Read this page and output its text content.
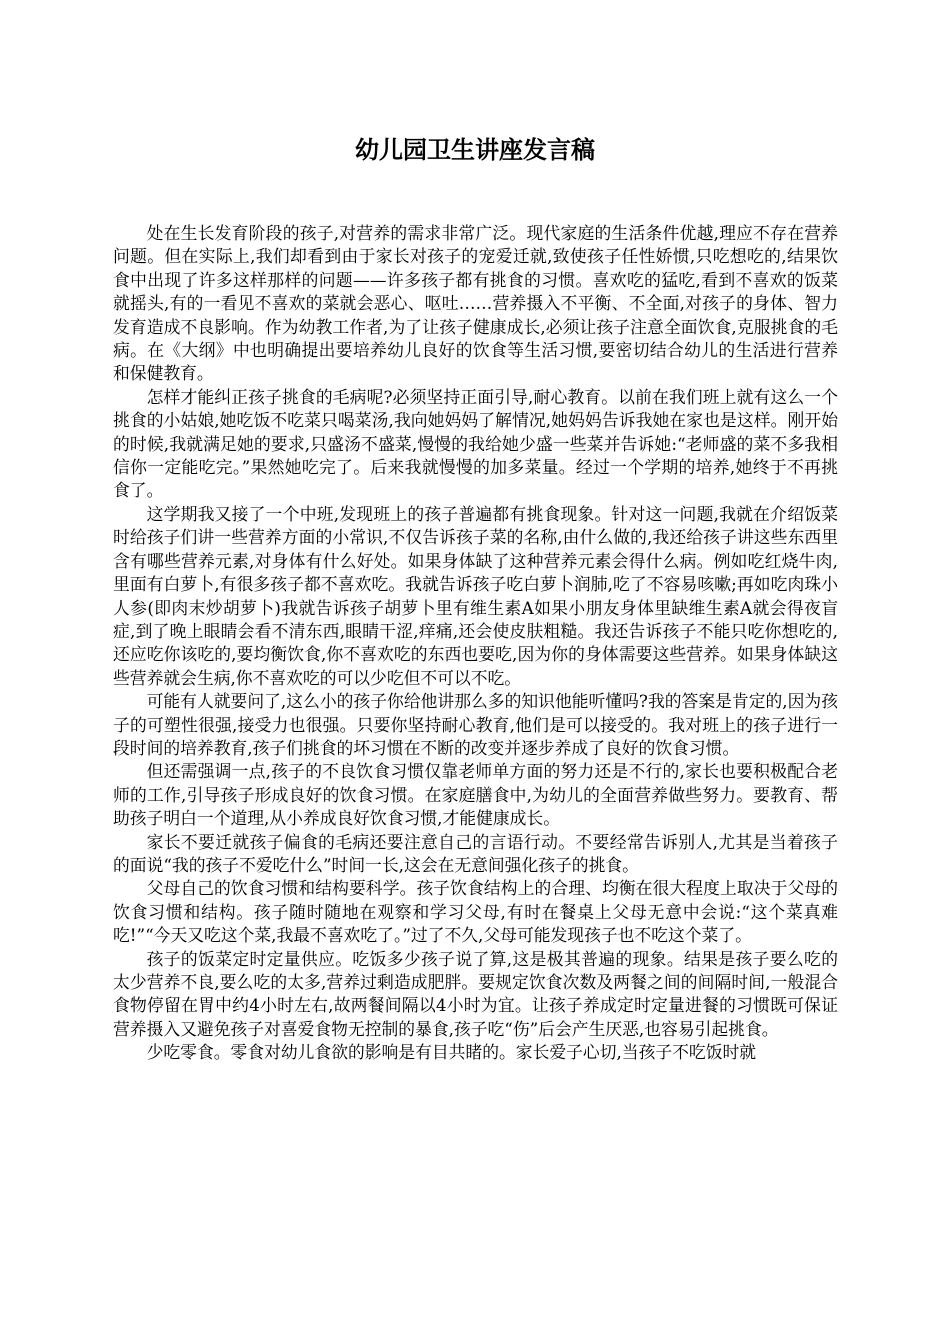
幼儿园卫生讲座发言稿

处在生长发育阶段的孩子,对营养的需求非常广泛。现代家庭的生活条件优越,理应不存在营养问题。但在实际上,我们却看到由于家长对孩子的宠爱迁就,致使孩子任性娇惯,只吃想吃的,结果饮食中出现了许多这样那样的问题——许多孩子都有挑食的习惯。喜欢吃的猛吃,看到不喜欢的饭菜就摇头,有的一看见不喜欢的菜就会恶心、呕吐……营养摄入不平衡、不全面,对孩子的身体、智力发育造成不良影响。作为幼教工作者,为了让孩子健康成长,必须让孩子注意全面饮食,克服挑食的毛病。在《大纲》中也明确提出要培养幼儿良好的饮食等生活习惯,要密切结合幼儿的生活进行营养和保健教育。

怎样才能纠正孩子挑食的毛病呢?必须坚持正面引导,耐心教育。以前在我们班上就有这么一个挑食的小姑娘,她吃饭不吃菜只喝菜汤,我向她妈妈了解情况,她妈妈告诉我她在家也是这样。刚开始的时候,我就满足她的要求,只盛汤不盛菜,慢慢的我给她少盛一些菜并告诉她:“老师盛的菜不多我相信你一定能吃完。”果然她吃完了。后来我就慢慢的加多菜量。经过一个学期的培养,她终于不再挑食了。

这学期我又接了一个中班,发现班上的孩子普遍都有挑食现象。针对这一问题,我就在介绍饭菜时给孩子们讲一些营养方面的小常识,不仅告诉孩子菜的名称,由什么做的,我还给孩子讲这些东西里含有哪些营养元素,对身体有什么好处。如果身体缺了这种营养元素会得什么病。例如吃红烧牛肉,里面有白萝卜,有很多孩子都不喜欢吃。我就告诉孩子吃白萝卜润肺,吃了不容易咳嗽;再如吃肉珠小人参(即肉末炒胡萝卜)我就告诉孩子胡萝卜里有维生素A如果小朋友身体里缺维生素A就会得夜盲症,到了晚上眼睛会看不清东西,眼睛干涩,痒痛,还会使皮肤粗糙。我还告诉孩子不能只吃你想吃的,还应吃你该吃的,要均衡饮食,你不喜欢吃的东西也要吃,因为你的身体需要这些营养。如果身体缺这些营养就会生病,你不喜欢吃的可以少吃但不可以不吃。

可能有人就要问了,这么小的孩子你给他讲那么多的知识他能听懂吗?我的答案是肯定的,因为孩子的可塑性很强,接受力也很强。只要你坚持耐心教育,他们是可以接受的。我对班上的孩子进行一段时间的培养教育,孩子们挑食的坏习惯在不断的改变并逐步养成了良好的饮食习惯。

但还需强调一点,孩子的不良饮食习惯仅靠老师单方面的努力还是不行的,家长也要积极配合老师的工作,引导孩子形成良好的饮食习惯。在家庭膳食中,为幼儿的全面营养做些努力。要教育、帮助孩子明白一个道理,从小养成良好饮食习惯,才能健康成长。

家长不要迁就孩子偏食的毛病还要注意自己的言语行动。不要经常告诉别人,尤其是当着孩子的面说“我的孩子不爱吃什么”时间一长,这会在无意间强化孩子的挑食。

父母自己的饮食习惯和结构要科学。孩子饮食结构上的合理、均衡在很大程度上取决于父母的饮食习惯和结构。孩子随时随地在观察和学习父母,有时在餐桌上父母无意中会说:“这个菜真难吃!”“今天又吃这个菜,我最不喜欢吃了。”过了不久,父母可能发现孩子也不吃这个菜了。

孩子的饭菜定时定量供应。吃饭多少孩子说了算,这是极其普遍的现象。结果是孩子要么吃的太少营养不良,要么吃的太多,营养过剩造成肥胖。要规定饮食次数及两餐之间的间隔时间,一般混合食物停留在胃中约4小时左右,故两餐间隔以4小时为宜。让孩子养成定时定量进餐的习惯既可保证营养摄入又避免孩子对喜爱食物无控制的暴食,孩子吃“伤”后会产生厌恶,也容易引起挑食。

少吃零食。零食对幼儿食欲的影响是有目共睹的。家长爱子心切,当孩子不吃饭时就
